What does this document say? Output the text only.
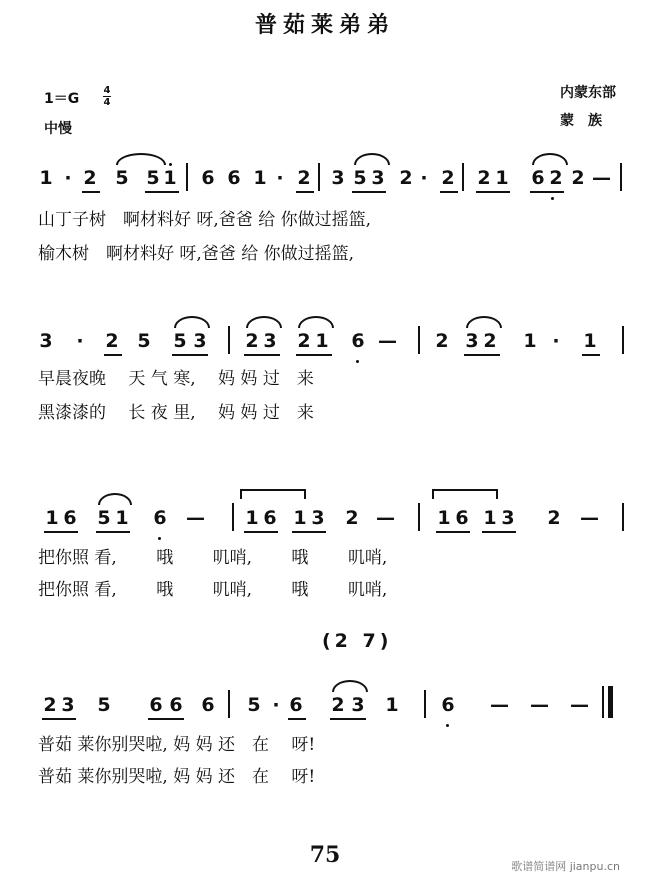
普茹莱弟弟
内蒙东部
蒙　族
1＝G
4
4
中慢
1 · 2 5 5 1 6 6 1 · 2 3 5 3 2 · 2 2 1 6 2 2 —
山丁子树　啊材料好 呀,爸爸 给 你做过摇篮,
榆木树　啊材料好 呀,爸爸 给 你做过摇篮,
3 · 2 5 5 3 2 3 2 1 6 — 2 3 2 1 · 1
早晨夜晚　 天 气 寒,　 妈 妈 过　来
黑漆漆的　 长 夜 里,　 妈 妈 过　来
1 6 5 1 6 — 1 6 1 3 2 — 1 6 1 3 2 —
把你照 看,　　 哦　　 叽哨,　　 哦　　 叽哨,
把你照 看,　　 哦　　 叽哨,　　 哦　　 叽哨,
(2 7)
2 3 5 6 6 6 5 · 6 2 3 1 6 — — —
普茹 莱你别哭啦, 妈 妈 还　在　 呀!
普茹 莱你别哭啦, 妈 妈 还　在　 呀!
75	歌谱简谱网 jianpu.cn
